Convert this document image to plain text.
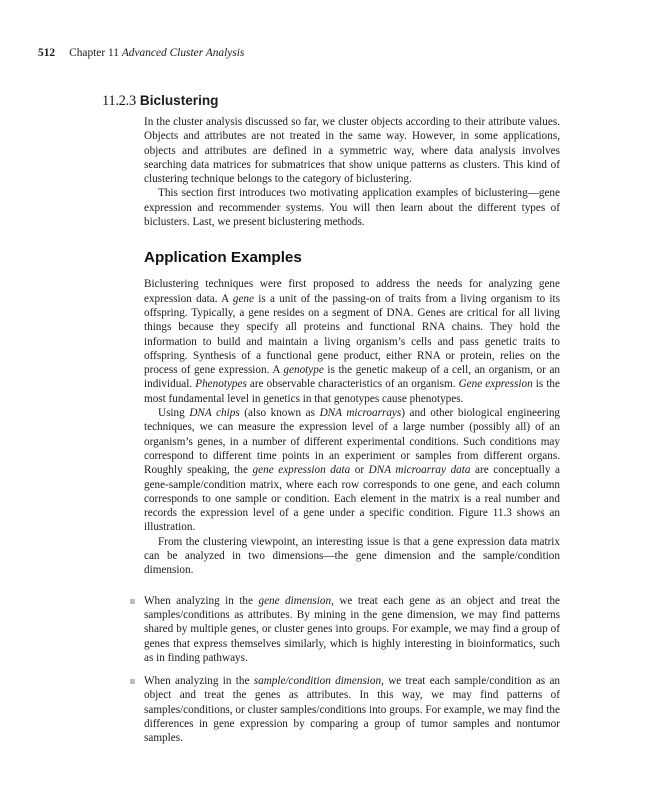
512 Chapter 11 Advanced Cluster Analysis
11.2.3 Biclustering

In the cluster analysis discussed so far, we cluster objects according to their attribute values. Objects and attributes are not treated in the same way. However, in some applications, objects and attributes are defined in a symmetric way, where data analysis involves searching data matrices for submatrices that show unique patterns as clusters. This kind of clustering technique belongs to the category of biclustering.

This section first introduces two motivating application examples of biclustering—gene expression and recommender systems. You will then learn about the different types of biclusters. Last, we present biclustering methods.

Application Examples

Biclustering techniques were first proposed to address the needs for analyzing gene expression data. A gene is a unit of the passing-on of traits from a living organism to its offspring. Typically, a gene resides on a segment of DNA. Genes are critical for all living things because they specify all proteins and functional RNA chains. They hold the information to build and maintain a living organism’s cells and pass genetic traits to offspring. Synthesis of a functional gene product, either RNA or protein, relies on the process of gene expression. A genotype is the genetic makeup of a cell, an organism, or an individual. Phenotypes are observable characteristics of an organism. Gene expression is the most fundamental level in genetics in that genotypes cause phenotypes.

Using DNA chips (also known as DNA microarrays) and other biological engineering techniques, we can measure the expression level of a large number (possibly all) of an organism’s genes, in a number of different experimental conditions. Such conditions may correspond to different time points in an experiment or samples from different organs. Roughly speaking, the gene expression data or DNA microarray data are conceptually a gene-sample/condition matrix, where each row corresponds to one gene, and each column corresponds to one sample or condition. Each element in the matrix is a real number and records the expression level of a gene under a specific condition. Figure 11.3 shows an illustration.

From the clustering viewpoint, an interesting issue is that a gene expression data matrix can be analyzed in two dimensions—the gene dimension and the sample/condition dimension.

When analyzing in the gene dimension, we treat each gene as an object and treat the samples/conditions as attributes. By mining in the gene dimension, we may find patterns shared by multiple genes, or cluster genes into groups. For example, we may find a group of genes that express themselves similarly, which is highly interesting in bioinformatics, such as in finding pathways.
When analyzing in the sample/condition dimension, we treat each sample/condition as an object and treat the genes as attributes. In this way, we may find patterns of samples/conditions, or cluster samples/conditions into groups. For example, we may find the differences in gene expression by comparing a group of tumor samples and nontumor samples.
